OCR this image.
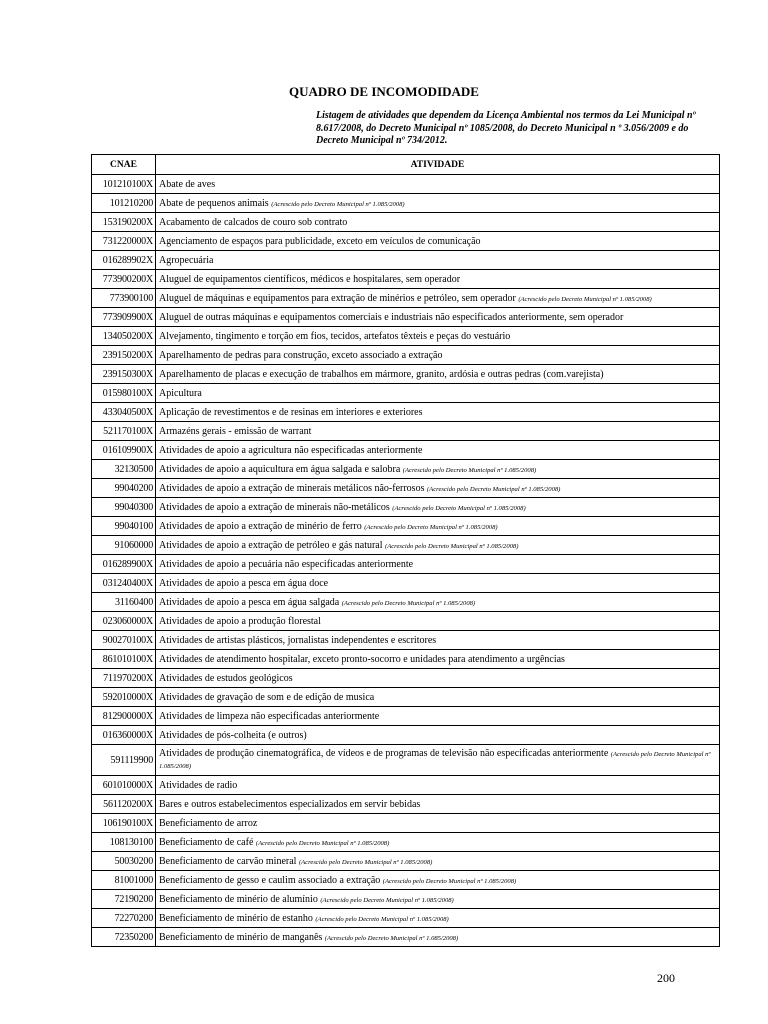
QUADRO DE INCOMODIDADE
Listagem de atividades que dependem da Licença Ambiental nos termos da Lei Municipal nº 8.617/2008, do Decreto Municipal nº 1085/2008, do Decreto Municipal n º 3.056/2009 e do Decreto Municipal nº 734/2012.
CNAE	ATIVIDADE
101210100X	Abate de aves
101210200	Abate de pequenos animais (Acrescido pelo Decreto Municipal nº 1.085/2008)
153190200X	Acabamento de calcados de couro sob contrato
731220000X	Agenciamento de espaços para publicidade, exceto em veículos de comunicação
016289902X	Agropecuária
773900200X	Aluguel de equipamentos científicos, médicos e hospitalares, sem operador
773900100	Aluguel de máquinas e equipamentos para extração de minérios e petróleo, sem operador (Acrescido pelo Decreto Municipal nº 1.085/2008)
773909900X	Aluguel de outras máquinas e equipamentos comerciais e industriais não especificados anteriormente, sem operador
134050200X	Alvejamento, tingimento e torção em fios, tecidos, artefatos têxteis e peças do vestuário
239150200X	Aparelhamento de pedras para construção, exceto associado a extração
239150300X	Aparelhamento de placas e execução de trabalhos em mármore, granito, ardósia e outras pedras (com.varejista)
015980100X	Apicultura
433040500X	Aplicação de revestimentos e de resinas em interiores e exteriores
521170100X	Armazéns gerais - emissão de warrant
016109900X	Atividades de apoio a agricultura não especificadas anteriormente
32130500	Atividades de apoio a aquicultura em água salgada e salobra (Acrescido pelo Decreto Municipal nº 1.085/2008)
99040200	Atividades de apoio a extração de minerais metálicos não-ferrosos (Acrescido pelo Decreto Municipal nº 1.085/2008)
99040300	Atividades de apoio a extração de minerais não-metálicos (Acrescido pelo Decreto Municipal nº 1.085/2008)
99040100	Atividades de apoio a extração de minério de ferro (Acrescido pelo Decreto Municipal nº 1.085/2008)
91060000	Atividades de apoio a extração de petróleo e gás natural (Acrescido pelo Decreto Municipal nº 1.085/2008)
016289900X	Atividades de apoio a pecuária não especificadas anteriormente
031240400X	Atividades de apoio a pesca em água doce
31160400	Atividades de apoio a pesca em água salgada (Acrescido pelo Decreto Municipal nº 1.085/2008)
023060000X	Atividades de apoio a produção florestal
900270100X	Atividades de artistas plásticos, jornalistas independentes e escritores
861010100X	Atividades de atendimento hospitalar, exceto pronto-socorro e unidades para atendimento a urgências
711970200X	Atividades de estudos geológicos
592010000X	Atividades de gravação de som e de edição de musica
812900000X	Atividades de limpeza não especificadas anteriormente
016360000X	Atividades de pós-colheita (e outros)
591119900	Atividades de produção cinematográfica, de vídeos e de programas de televisão não especificadas anteriormente (Acrescido pelo Decreto Municipal nº 1.085/2008)
601010000X	Atividades de radio
561120200X	Bares e outros estabelecimentos especializados em servir bebidas
106190100X	Beneficiamento de arroz
108130100	Beneficiamento de café (Acrescido pelo Decreto Municipal nº 1.085/2008)
50030200	Beneficiamento de carvão mineral (Acrescido pelo Decreto Municipal nº 1.085/2008)
81001000	Beneficiamento de gesso e caulim associado a extração (Acrescido pelo Decreto Municipal nº 1.085/2008)
72190200	Beneficiamento de minério de alumínio (Acrescido pelo Decreto Municipal nº 1.085/2008)
72270200	Beneficiamento de minério de estanho (Acrescido pelo Decreto Municipal nº 1.085/2008)
72350200	Beneficiamento de minério de manganês (Acrescido pelo Decreto Municipal nº 1.085/2008)
200
